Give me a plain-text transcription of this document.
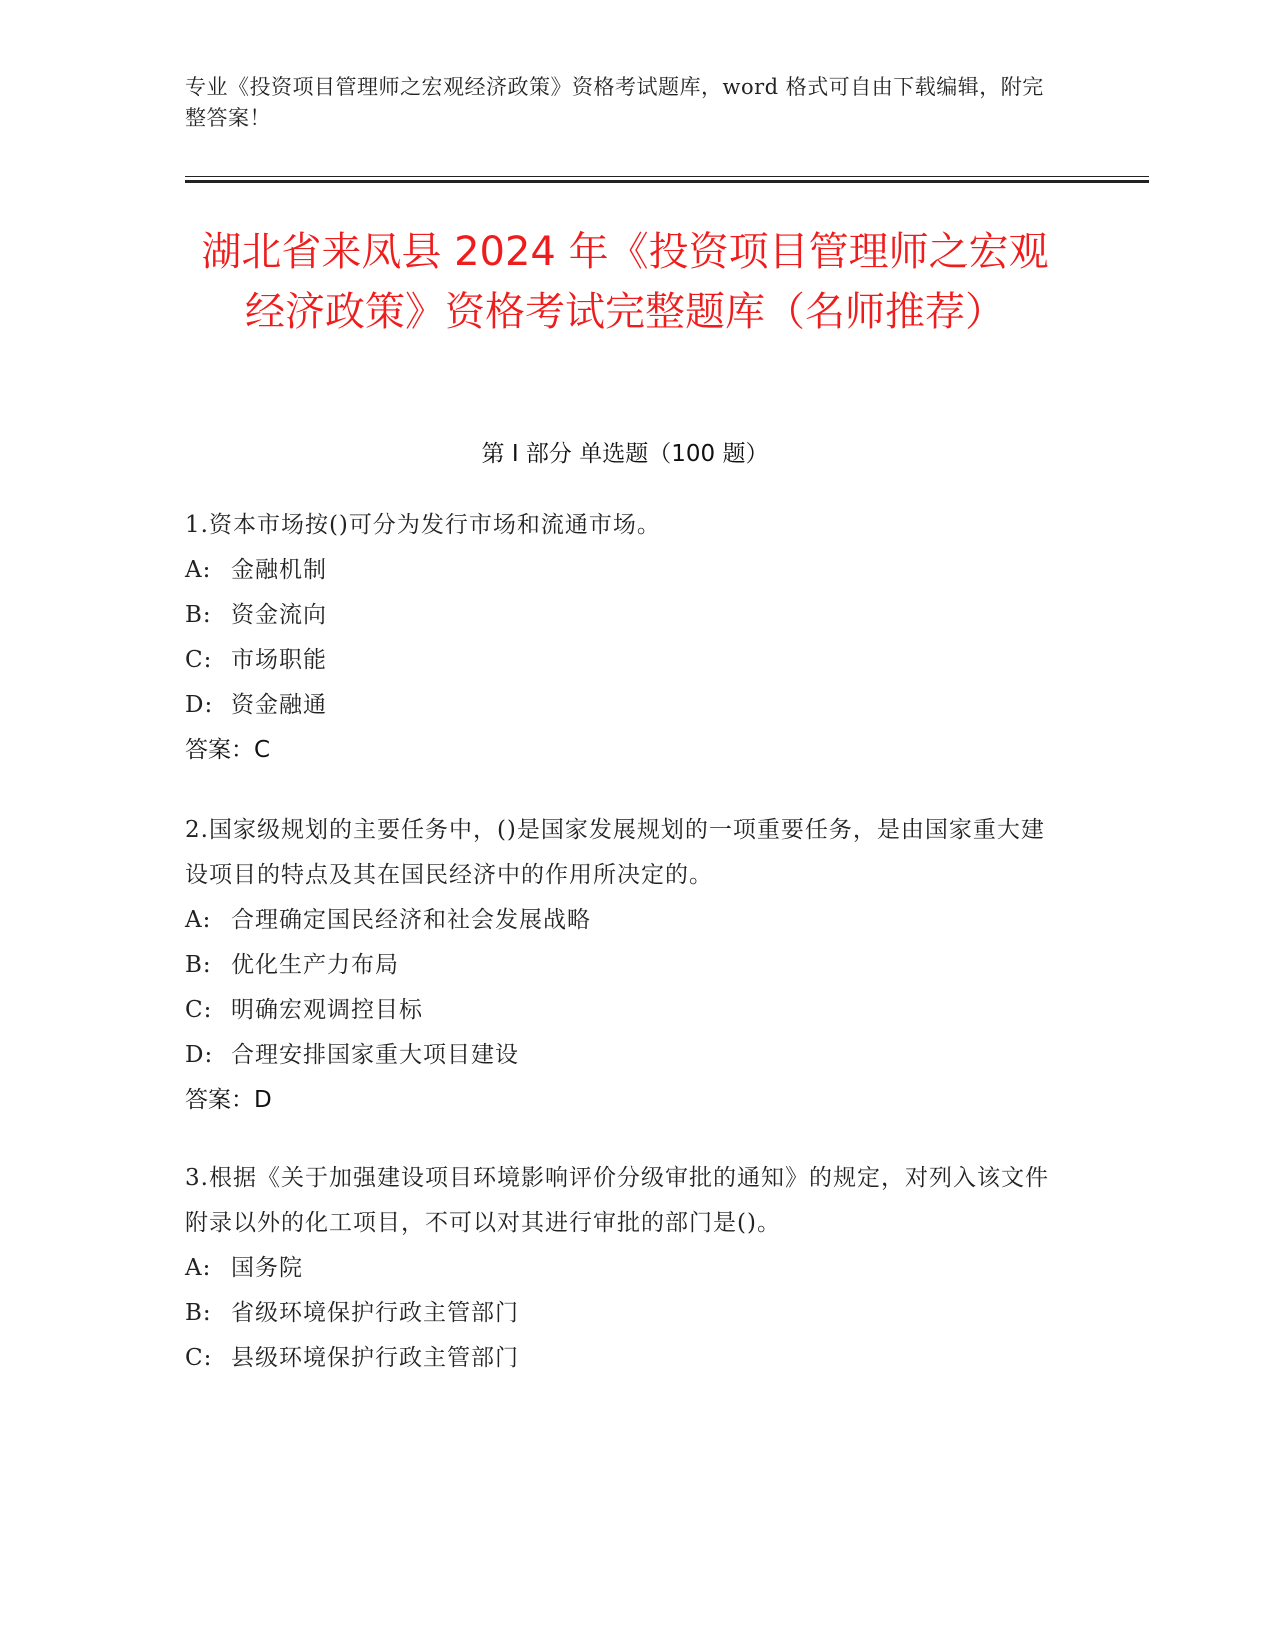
专业《投资项目管理师之宏观经济政策》资格考试题库，word 格式可自由下载编辑，附完整答案！
湖北省来凤县 2024 年《投资项目管理师之宏观经济政策》资格考试完整题库（名师推荐）
第 I 部分 单选题（100 题）
1.资本市场按()可分为发行市场和流通市场。
A: 金融机制
B: 资金流向
C: 市场职能
D: 资金融通
答案：C
2.国家级规划的主要任务中，()是国家发展规划的一项重要任务，是由国家重大建设项目的特点及其在国民经济中的作用所决定的。
A: 合理确定国民经济和社会发展战略
B: 优化生产力布局
C: 明确宏观调控目标
D: 合理安排国家重大项目建设
答案：D
3.根据《关于加强建设项目环境影响评价分级审批的通知》的规定，对列入该文件附录以外的化工项目，不可以对其进行审批的部门是()。
A: 国务院
B: 省级环境保护行政主管部门
C: 县级环境保护行政主管部门
